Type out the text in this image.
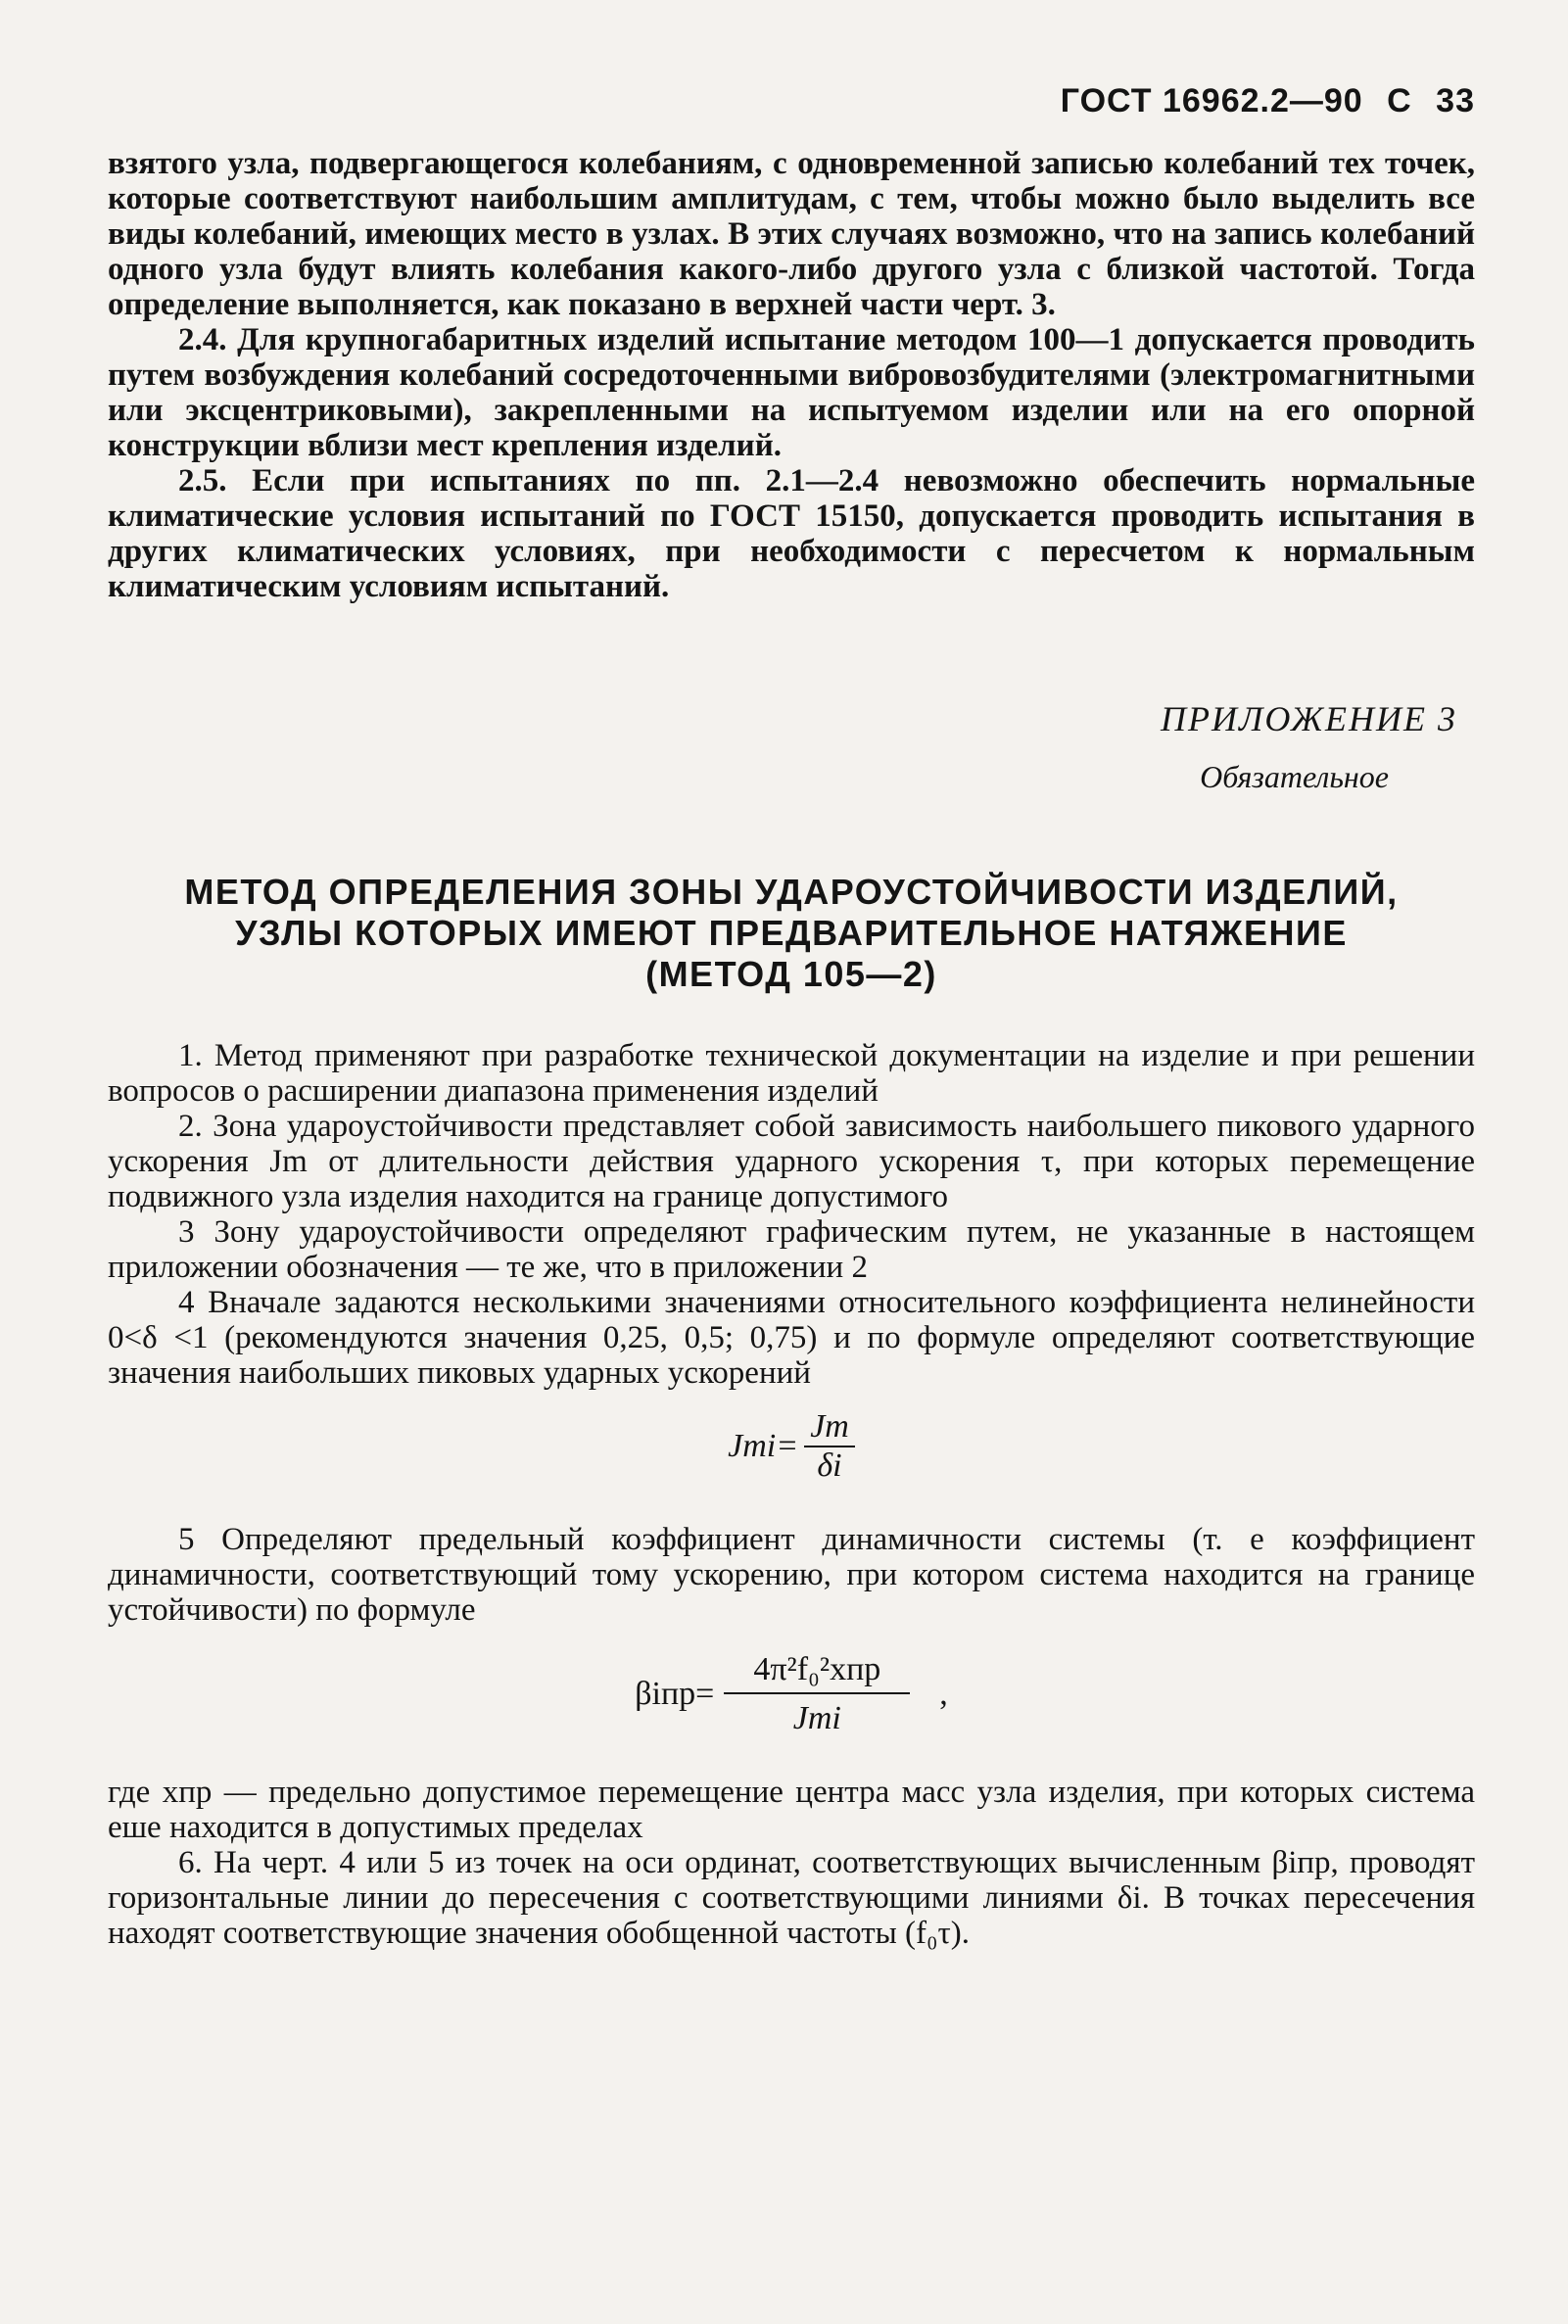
ГОСТ 16962.2—90 С 33

взятого узла, подвергающегося колебаниям, с одновременной записью колебаний тех точек, которые соответствуют наибольшим амплитудам, с тем, чтобы можно было выделить все виды колебаний, имеющих место в узлах. В этих случаях возможно, что на запись колебаний одного узла будут влиять колебания какого-либо другого узла с близкой частотой. Тогда определение выполняется, как показано в верхней части черт. 3.

2.4. Для крупногабаритных изделий испытание методом 100—1 допускается проводить путем возбуждения колебаний сосредоточенными вибровозбудителями (электромагнитными или эксцентриковыми), закрепленными на испытуемом изделии или на его опорной конструкции вблизи мест крепления изделий.

2.5. Если при испытаниях по пп. 2.1—2.4 невозможно обеспечить нормальные климатические условия испытаний по ГОСТ 15150, допускается проводить испытания в других климатических условиях, при необходимости с пересчетом к нормальным климатическим условиям испытаний.

ПРИЛОЖЕНИЕ 3
Обязательное
МЕТОД ОПРЕДЕЛЕНИЯ ЗОНЫ УДАРОУСТОЙЧИВОСТИ ИЗДЕЛИЙ,
УЗЛЫ КОТОРЫХ ИМЕЮТ ПРЕДВАРИТЕЛЬНОЕ НАТЯЖЕНИЕ
(МЕТОД 105—2)

1. Метод применяют при разработке технической документации на изделие и при решении вопросов о расширении диапазона применения изделий

2. Зона ударoустойчивости представляет собой зависимость наибольшего пикового ударного ускорения Jm от длительности действия ударного ускорения τ, при которых перемещение подвижного узла изделия находится на границе допустимого

3 Зону удароустойчивости определяют графическим путем, не указанные в настоящем приложении обозначения — те же, что в приложении 2

4 Вначале задаются несколькими значениями относительного коэффициента нелинейности 0<δ <1 (рекомендуются значения 0,25, 0,5; 0,75) и по формуле определяют соответствующие значения наибольших пиковых ударных ускорений

$Jmi= \frac{Jm}{\delta i}$

5 Определяют предельный коэффициент динамичности системы (т. е коэффициент динамичности, соответствующий тому ускорению, при котором система находится на границе устойчивости) по формуле

$\beta iпр= \frac{\text{4π²f₀²xпр}}{\text{Jmi}}$ ,

где xпр — предельно допустимое перемещение центра масс узла изделия, при которых система еше находится в допустимых пределах

6. На черт. 4 или 5 из точек на оси ординат, соответствующих вычисленным βiпр, проводят горизонтальные линии до пересечения с соответствующими линиями δi. В точках пересечения находят соответствующие значения обобщенной частоты (f₀τ).
